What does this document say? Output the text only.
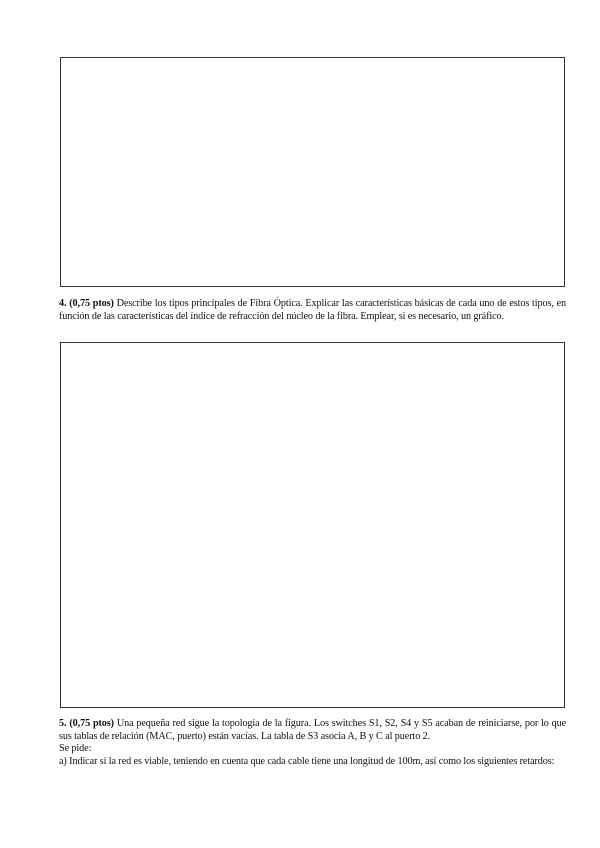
4. (0,75 ptos) Describe los tipos principales de Fibra Óptica. Explicar las características básicas de cada uno de estos tipos, en función de las características del índice de refracción del núcleo de la fibra. Emplear, si es necesario, un gráfico.

5. (0,75 ptos) Una pequeña red sigue la topología de la figura. Los switches S1, S2, S4 y S5 acaban de reiniciarse, por lo que sus tablas de relación (MAC, puerto) están vacías. La tabla de S3 asocia A, B y C al puerto 2.

Se pide:

a) Indicar si la red es viable, teniendo en cuenta que cada cable tiene una longitud de 100m, así como los siguientes retardos:
